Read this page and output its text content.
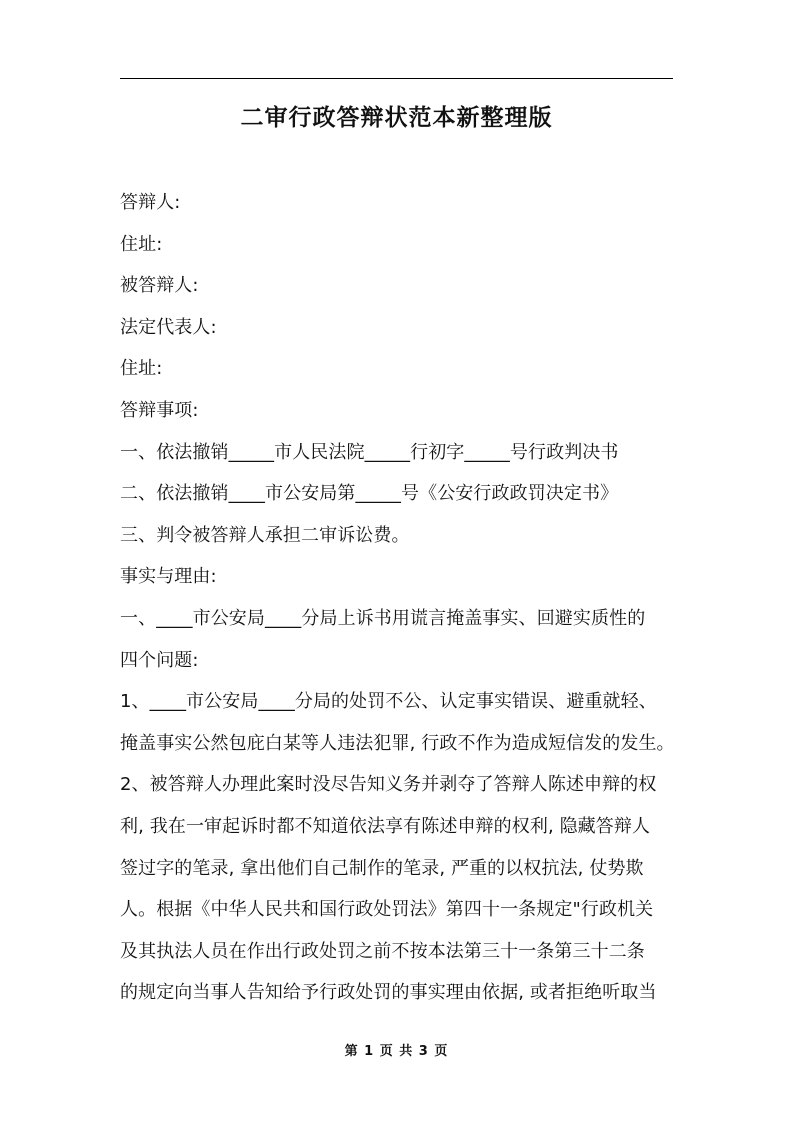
二审行政答辩状范本新整理版
答辩人:
住址:
被答辩人:
法定代表人:
住址:
答辩事项:
一、依法撤销_____市人民法院_____行初字_____号行政判决书
二、依法撤销____市公安局第_____号《公安行政政罚决定书》
三、判令被答辩人承担二审诉讼费。
事实与理由:
一、____市公安局____分局上诉书用谎言掩盖事实、回避实质性的
四个问题:
1、____市公安局____分局的处罚不公、认定事实错误、避重就轻、
掩盖事实公然包庇白某等人违法犯罪, 行政不作为造成短信发的发生。
2、被答辩人办理此案时没尽告知义务并剥夺了答辩人陈述申辩的权
利, 我在一审起诉时都不知道依法享有陈述申辩的权利, 隐藏答辩人
签过字的笔录, 拿出他们自己制作的笔录, 严重的以权抗法, 仗势欺
人。根据《中华人民共和国行政处罚法》第四十一条规定"行政机关
及其执法人员在作出行政处罚之前不按本法第三十一条第三十二条
的规定向当事人告知给予行政处罚的事实理由依据, 或者拒绝听取当
第 1 页 共 3 页
